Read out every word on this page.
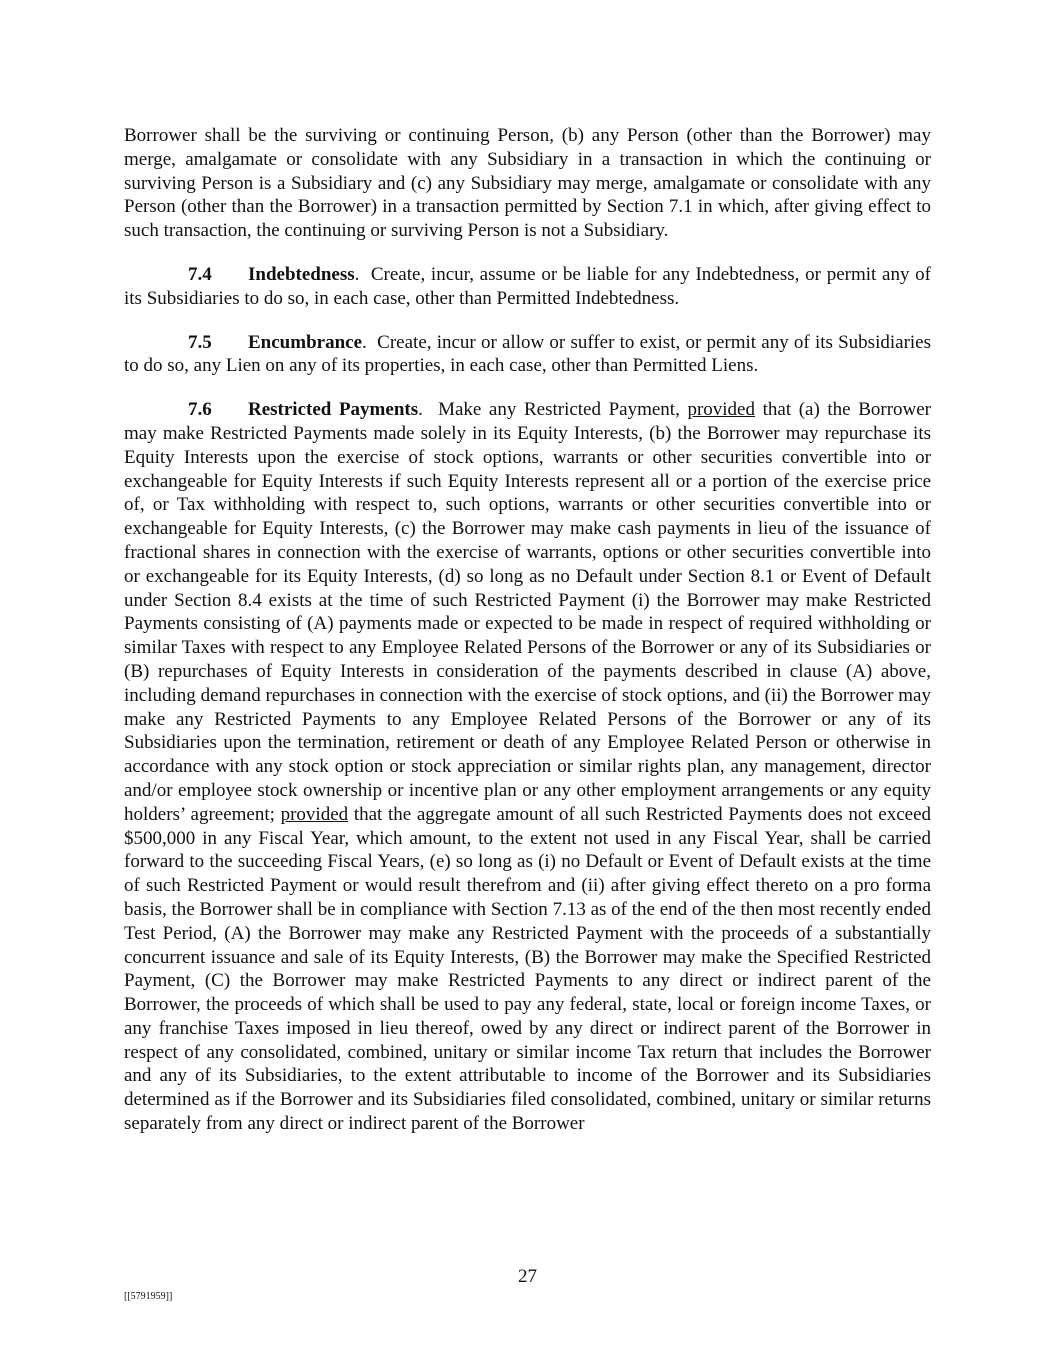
Borrower shall be the surviving or continuing Person, (b) any Person (other than the Borrower) may merge, amalgamate or consolidate with any Subsidiary in a transaction in which the continuing or surviving Person is a Subsidiary and (c) any Subsidiary may merge, amalgamate or consolidate with any Person (other than the Borrower) in a transaction permitted by Section 7.1 in which, after giving effect to such transaction, the continuing or surviving Person is not a Subsidiary.

7.4 Indebtedness.  Create, incur, assume or be liable for any Indebtedness, or permit any of its Subsidiaries to do so, in each case, other than Permitted Indebtedness.

7.5 Encumbrance.  Create, incur or allow or suffer to exist, or permit any of its Subsidiaries to do so, any Lien on any of its properties, in each case, other than Permitted Liens.

7.6 Restricted Payments.  Make any Restricted Payment, provided that (a) the Borrower may make Restricted Payments made solely in its Equity Interests, (b) the Borrower may repurchase its Equity Interests upon the exercise of stock options, warrants or other securities convertible into or exchangeable for Equity Interests if such Equity Interests represent all or a portion of the exercise price of, or Tax withholding with respect to, such options, warrants or other securities convertible into or exchangeable for Equity Interests, (c) the Borrower may make cash payments in lieu of the issuance of fractional shares in connection with the exercise of warrants, options or other securities convertible into or exchangeable for its Equity Interests, (d) so long as no Default under Section 8.1 or Event of Default under Section 8.4 exists at the time of such Restricted Payment (i) the Borrower may make Restricted Payments consisting of (A) payments made or expected to be made in respect of required withholding or similar Taxes with respect to any Employee Related Persons of the Borrower or any of its Subsidiaries or (B) repurchases of Equity Interests in consideration of the payments described in clause (A) above, including demand repurchases in connection with the exercise of stock options, and (ii) the Borrower may make any Restricted Payments to any Employee Related Persons of the Borrower or any of its Subsidiaries upon the termination, retirement or death of any Employee Related Person or otherwise in accordance with any stock option or stock appreciation or similar rights plan, any management, director and/or employee stock ownership or incentive plan or any other employment arrangements or any equity holders’ agreement; provided that the aggregate amount of all such Restricted Payments does not exceed $500,000 in any Fiscal Year, which amount, to the extent not used in any Fiscal Year, shall be carried forward to the succeeding Fiscal Years, (e) so long as (i) no Default or Event of Default exists at the time of such Restricted Payment or would result therefrom and (ii) after giving effect thereto on a pro forma basis, the Borrower shall be in compliance with Section 7.13 as of the end of the then most recently ended Test Period, (A) the Borrower may make any Restricted Payment with the proceeds of a substantially concurrent issuance and sale of its Equity Interests, (B) the Borrower may make the Specified Restricted Payment, (C) the Borrower may make Restricted Payments to any direct or indirect parent of the Borrower, the proceeds of which shall be used to pay any federal, state, local or foreign income Taxes, or any franchise Taxes imposed in lieu thereof, owed by any direct or indirect parent of the Borrower in respect of any consolidated, combined, unitary or similar income Tax return that includes the Borrower and any of its Subsidiaries, to the extent attributable to income of the Borrower and its Subsidiaries determined as if the Borrower and its Subsidiaries filed consolidated, combined, unitary or similar returns separately from any direct or indirect parent of the Borrower

27
[[5791959]]
